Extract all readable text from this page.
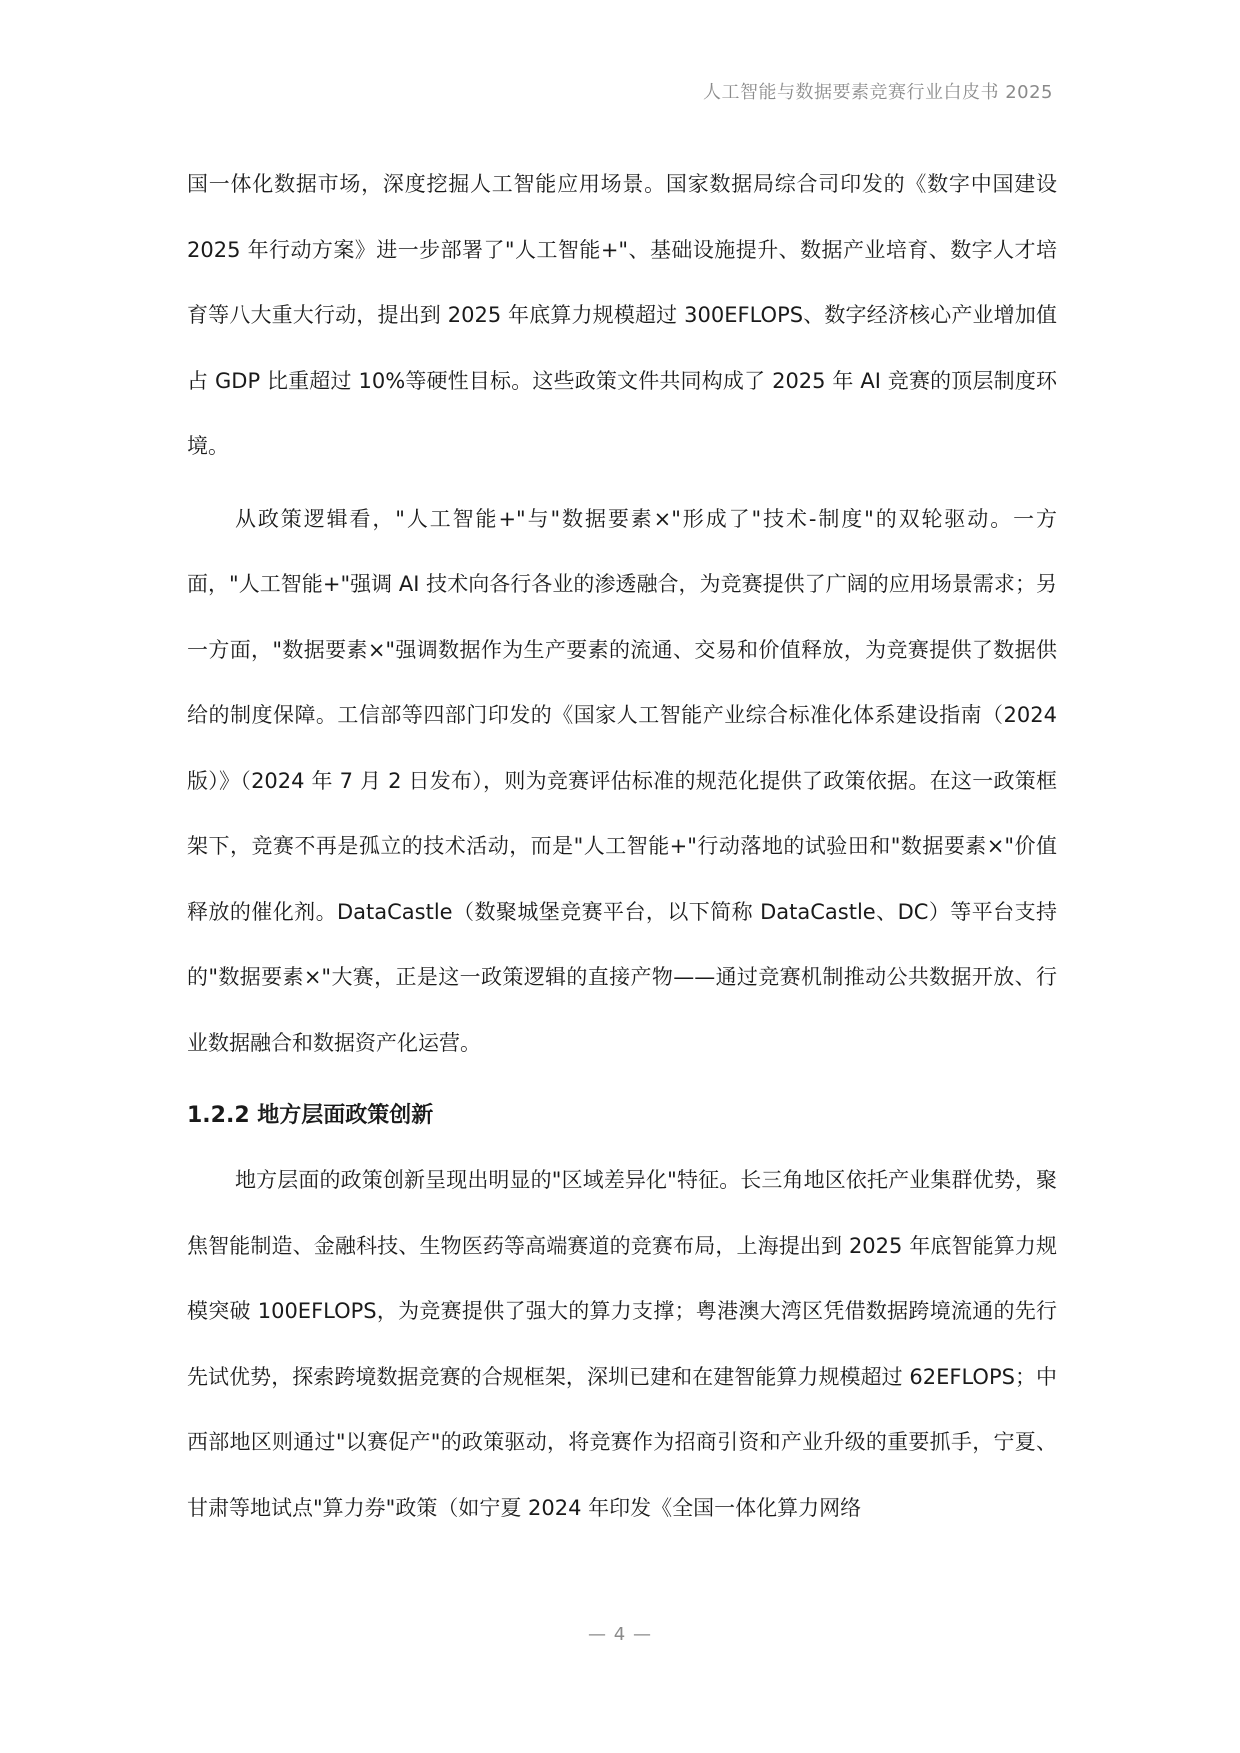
人工智能与数据要素竞赛行业白皮书 2025

国一体化数据市场，深度挖掘人工智能应用场景。国家数据局综合司印发的《数字中国建设 2025 年行动方案》进一步部署了"人工智能+"、基础设施提升、数据产业培育、数字人才培育等八大重大行动，提出到 2025 年底算力规模超过 300EFLOPS、数字经济核心产业增加值占 GDP 比重超过 10%等硬性目标。这些政策文件共同构成了 2025 年 AI 竞赛的顶层制度环境。

从政策逻辑看，"人工智能+"与"数据要素×"形成了"技术-制度"的双轮驱动。一方面，"人工智能+"强调 AI 技术向各行各业的渗透融合，为竞赛提供了广阔的应用场景需求；另一方面，"数据要素×"强调数据作为生产要素的流通、交易和价值释放，为竞赛提供了数据供给的制度保障。工信部等四部门印发的《国家人工智能产业综合标准化体系建设指南（2024 版）》（2024 年 7 月 2 日发布），则为竞赛评估标准的规范化提供了政策依据。在这一政策框架下，竞赛不再是孤立的技术活动，而是"人工智能+"行动落地的试验田和"数据要素×"价值释放的催化剂。DataCastle（数聚城堡竞赛平台，以下简称 DataCastle、DC）等平台支持的"数据要素×"大赛，正是这一政策逻辑的直接产物——通过竞赛机制推动公共数据开放、行业数据融合和数据资产化运营。

1.2.2 地方层面政策创新

地方层面的政策创新呈现出明显的"区域差异化"特征。长三角地区依托产业集群优势，聚焦智能制造、金融科技、生物医药等高端赛道的竞赛布局，上海提出到 2025 年底智能算力规模突破 100EFLOPS，为竞赛提供了强大的算力支撑；粤港澳大湾区凭借数据跨境流通的先行先试优势，探索跨境数据竞赛的合规框架，深圳已建和在建智能算力规模超过 62EFLOPS；中西部地区则通过"以赛促产"的政策驱动，将竞赛作为招商引资和产业升级的重要抓手，宁夏、甘肃等地试点"算力券"政策（如宁夏 2024 年印发《全国一体化算力网络

— 4 —
